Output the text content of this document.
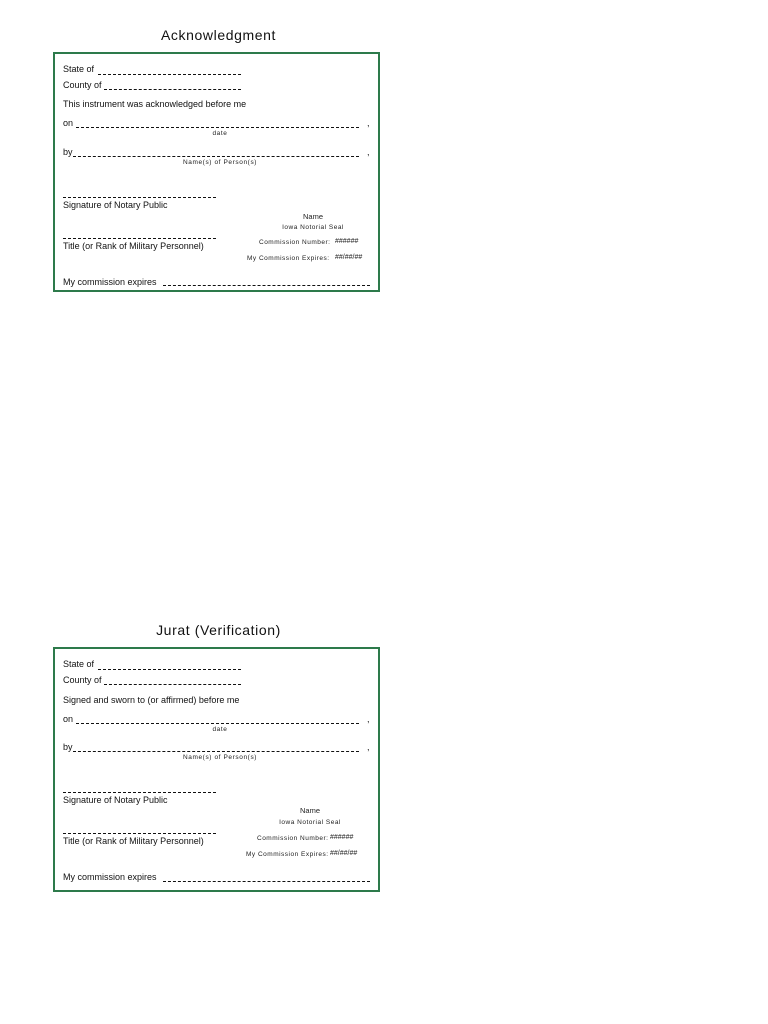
Acknowledgment
State of
County of
This instrument was acknowledged before me
on	,
date
by	,
Name(s) of Person(s)
Signature of Notary Public
Name
Iowa Notorial Seal
Title (or Rank of Military Personnel)	Commission Number: ######
My Commission Expires: ##/##/##
My commission expires
Jurat (Verification)
State of
County of
Signed and sworn to (or affirmed) before me
on	,
date
by	,
Name(s) of Person(s)
Signature of Notary Public
Name
Iowa Notorial Seal
Title (or Rank of Military Personnel)	Commission Number: ######
My Commission Expires: ##/##/##
My commission expires
